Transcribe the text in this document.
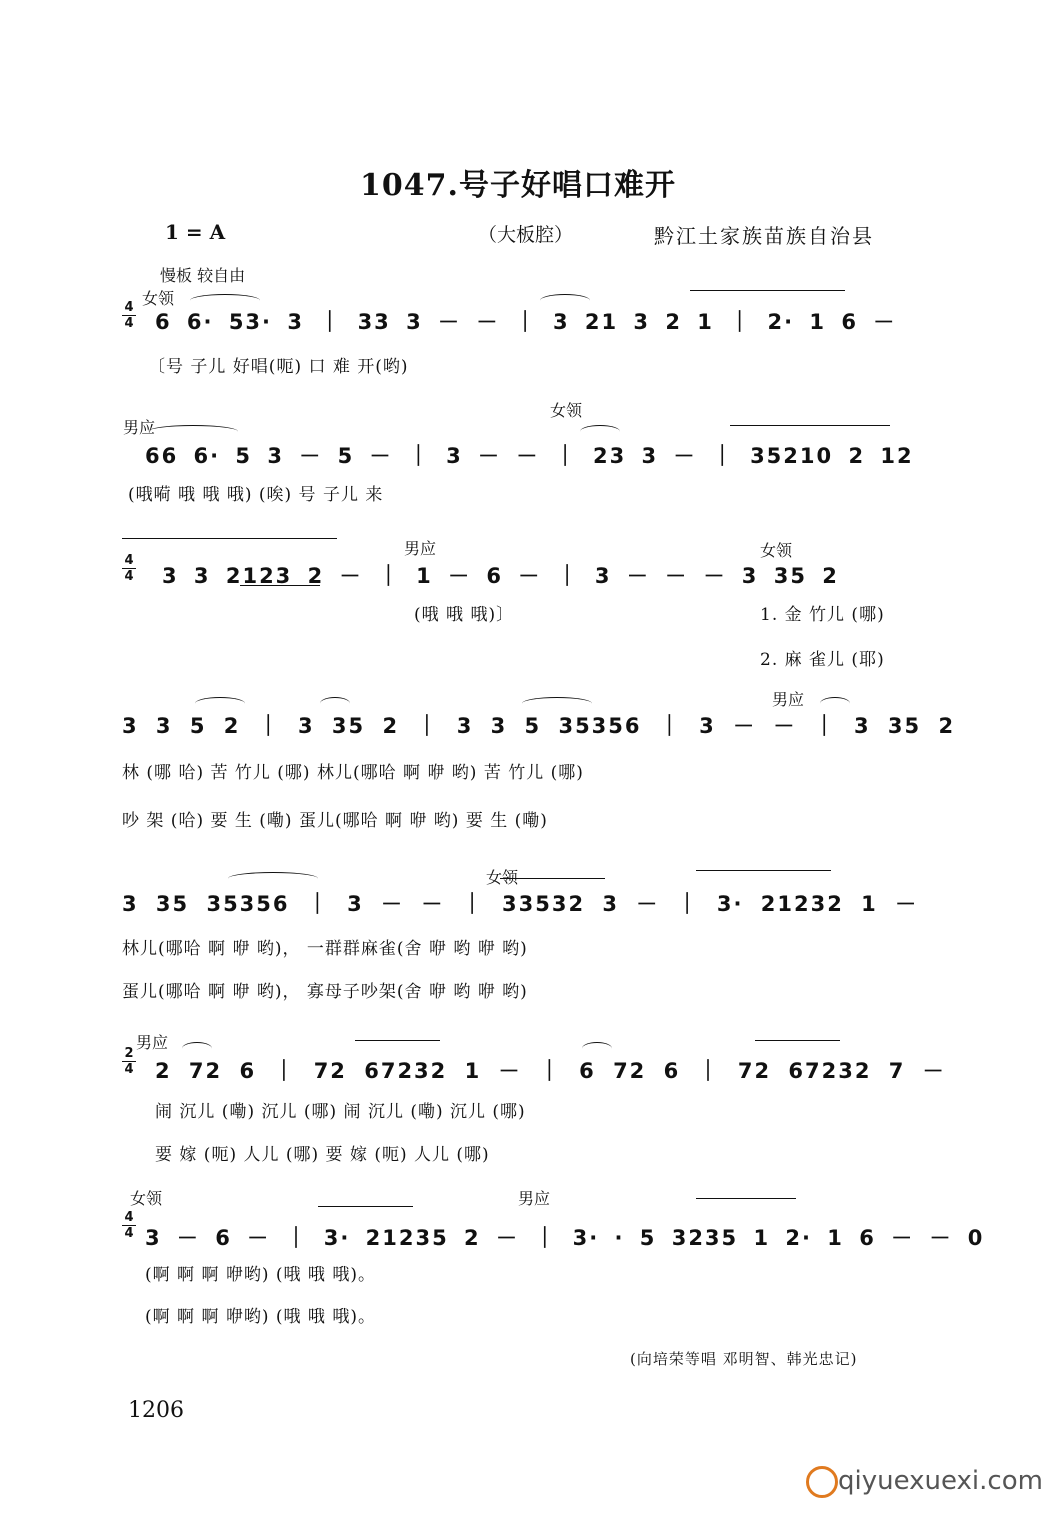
1047.号子好唱口难开
1 = A	（大板腔）	黔江土家族苗族自治县
慢板 较自由
女领
4
4 6 6· 53· 3 ｜ 33 3 － － ｜ 3 21 3 2 1 ｜ 2· 1 6 －
〔号 子儿 好唱(呃) 口 难 开(哟)
男应
女领
66 6· 5 3 － 5 － ｜ 3 － － ｜ 23 3 － ｜ 35210 2 12
(哦嗬 哦 哦 哦) (唉) 号 子儿 来
男应	女领
4
4 3 3 2123 2 － ｜ 1 － 6 － ｜ 3 － － － 3 35 2
(哦 哦 哦)〕	1. 金 竹儿 (哪)
2. 麻 雀儿 (耶)
男应
3 3 5 2 ｜ 3 35 2 ｜ 3 3 5 35356 ｜ 3 － － ｜ 3 35 2
林 (哪 哈) 苦 竹儿 (哪) 林儿(哪哈 啊 咿 哟) 苦 竹儿 (哪)
吵 架 (哈) 要 生 (嘞) 蛋儿(哪哈 啊 咿 哟) 要 生 (嘞)
女领
3 35 35356 ｜ 3 － － ｜ 33532 3 － ｜ 3· 21232 1 －
林儿(哪哈 啊 咿 哟)， 一群群麻雀(舍 咿 哟 咿 哟)
蛋儿(哪哈 啊 咿 哟)， 寡母子吵架(舍 咿 哟 咿 哟)
男应
2
4 2 72 6 ｜ 72 67232 1 － ｜ 6 72 6 ｜ 72 67232 7 －
闹 沉儿 (嘞) 沉儿 (哪) 闹 沉儿 (嘞) 沉儿 (哪)
要 嫁 (呃) 人儿 (哪) 要 嫁 (呃) 人儿 (哪)
女领	男应
4
4 3 － 6 － ｜ 3· 21235 2 － ｜ 3· · 5 3235 1 2· 1 6 － － 0
(啊 啊 啊 咿哟) (哦 哦 哦)。
(啊 啊 啊 咿哟) (哦 哦 哦)。
(向培荣等唱 邓明智、韩光忠记)
1206
qiyuexuexi.com
